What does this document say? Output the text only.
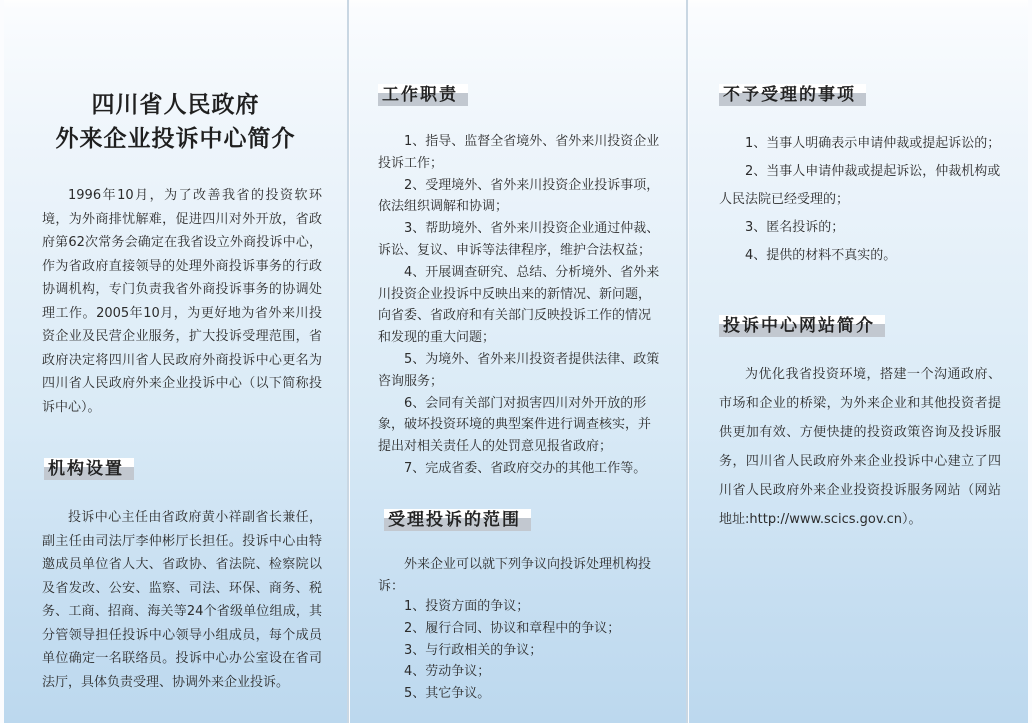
四川省人民政府
外来企业投诉中心简介

1996年10月，为了改善我省的投资软环境，为外商排忧解难，促进四川对外开放，省政府第62次常务会确定在我省设立外商投诉中心，作为省政府直接领导的处理外商投诉事务的行政协调机构，专门负责我省外商投诉事务的协调处理工作。2005年10月，为更好地为省外来川投资企业及民营企业服务，扩大投诉受理范围，省政府决定将四川省人民政府外商投诉中心更名为四川省人民政府外来企业投诉中心（以下简称投诉中心）。

机构设置

投诉中心主任由省政府黄小祥副省长兼任，副主任由司法厅李仲彬厅长担任。投诉中心由特邀成员单位省人大、省政协、省法院、检察院以及省发改、公安、监察、司法、环保、商务、税务、工商、招商、海关等24个省级单位组成，其分管领导担任投诉中心领导小组成员，每个成员单位确定一名联络员。投诉中心办公室设在省司法厅，具体负责受理、协调外来企业投诉。

工作职责
1、指导、监督全省境外、省外来川投资企业投诉工作；
2、受理境外、省外来川投资企业投诉事项，依法组织调解和协调；
3、帮助境外、省外来川投资企业通过仲裁、诉讼、复议、申诉等法律程序，维护合法权益；
4、开展调查研究、总结、分析境外、省外来川投资企业投诉中反映出来的新情况、新问题，向省委、省政府和有关部门反映投诉工作的情况和发现的重大问题；
5、为境外、省外来川投资者提供法律、政策咨询服务；
6、会同有关部门对损害四川对外开放的形象，破坏投资环境的典型案件进行调查核实，并提出对相关责任人的处罚意见报省政府；
7、完成省委、省政府交办的其他工作等。
受理投诉的范围

外来企业可以就下列争议向投诉处理机构投诉：

1、投资方面的争议；
2、履行合同、协议和章程中的争议；
3、与行政相关的争议；
4、劳动争议；
5、其它争议。
不予受理的事项
1、当事人明确表示申请仲裁或提起诉讼的；
2、当事人申请仲裁或提起诉讼，仲裁机构或人民法院已经受理的；
3、匿名投诉的；
4、提供的材料不真实的。
投诉中心网站简介

为优化我省投资环境，搭建一个沟通政府、市场和企业的桥梁，为外来企业和其他投资者提供更加有效、方便快捷的投资政策咨询及投诉服务，四川省人民政府外来企业投诉中心建立了四川省人民政府外来企业投资投诉服务网站（网站地址:http://www.scics.gov.cn）。
